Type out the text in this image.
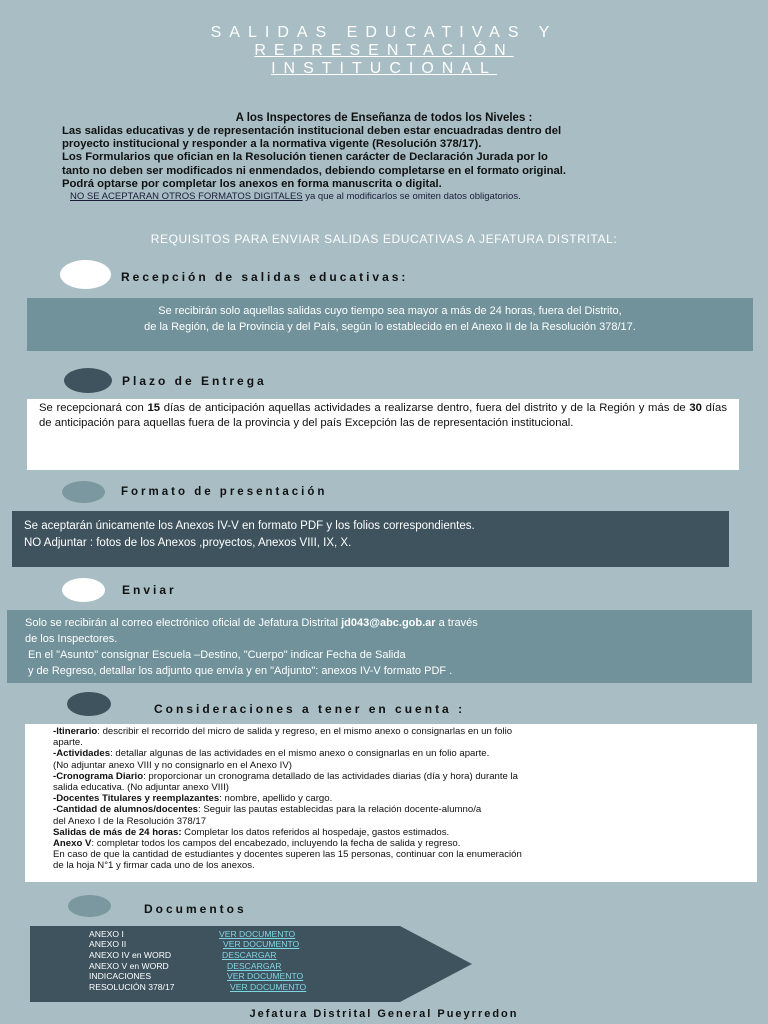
SALIDAS EDUCATIVAS Y
REPRESENTACIÓN
INSTITUCIONAL
A los Inspectores de Enseñanza de todos los Niveles :
Las salidas educativas y de representación institucional deben estar encuadradas dentro del
proyecto institucional y responder a la normativa vigente (Resolución 378/17).
Los Formularios que ofician en la Resolución tienen carácter de Declaración Jurada por lo
tanto no deben ser modificados ni enmendados, debiendo completarse en el formato original.
Podrá optarse por completar los anexos en forma manuscrita o digital.
NO SE ACEPTARAN OTROS FORMATOS DIGITALES ya que al modificarlos se omiten datos obligatorios.
REQUISITOS PARA ENVIAR SALIDAS EDUCATIVAS A JEFATURA DISTRITAL:
Recepción de salidas educativas:
Se recibirán solo aquellas salidas cuyo tiempo sea mayor a más de 24 horas, fuera del Distrito,
de la Región, de la Provincia y del País, según lo establecido en el Anexo II de la Resolución 378/17.
Plazo de Entrega
Se recepcionará con 15 días de anticipación aquellas actividades a realizarse dentro, fuera del distrito y de la Región y más de 30 días de anticipación para aquellas fuera de la provincia y del país Excepción las de representación institucional.
Formato de presentación
Se aceptarán únicamente los Anexos IV-V en formato PDF y los folios correspondientes.
NO Adjuntar : fotos de los Anexos ,proyectos, Anexos VIII, IX, X.
Enviar
Solo se recibirán al correo electrónico oficial de Jefatura Distrital jd043@abc.gob.ar a través
de los Inspectores.
En el "Asunto" consignar Escuela –Destino, "Cuerpo" indicar Fecha de Salida
y de Regreso, detallar los adjunto que envía y en "Adjunto": anexos IV-V formato PDF .
Consideraciones a tener en cuenta :
-Itinerario: describir el recorrido del micro de salida y regreso, en el mismo anexo o consignarlas en un folio
aparte.
-Actividades: detallar algunas de las actividades en el mismo anexo o consignarlas en un folio aparte.
(No adjuntar anexo VIII y no consignarlo en el Anexo IV)
-Cronograma Diario: proporcionar un cronograma detallado de las actividades diarias (día y hora) durante la
salida educativa. (No adjuntar anexo VIII)
-Docentes Titulares y reemplazantes: nombre, apellido y cargo.
-Cantidad de alumnos/docentes: Seguir las pautas establecidas para la relación docente-alumno/a
del Anexo I de la Resolución 378/17
Salidas de más de 24 horas: Completar los datos referidos al hospedaje, gastos estimados.
Anexo V: completar todos los campos del encabezado, incluyendo la fecha de salida y regreso.
En caso de que la cantidad de estudiantes y docentes superen las 15 personas, continuar con la enumeración
de la hoja N°1 y firmar cada uno de los anexos.
Documentos
ANEXO I	VER DOCUMENTO
ANEXO II	VER DOCUMENTO
ANEXO IV en WORD	DESCARGAR
ANEXO V en WORD	DESCARGAR
INDICACIONES	VER DOCUMENTO
RESOLUCIÓN 378/17	VER DOCUMENTO
Jefatura Distrital General Pueyrredon
